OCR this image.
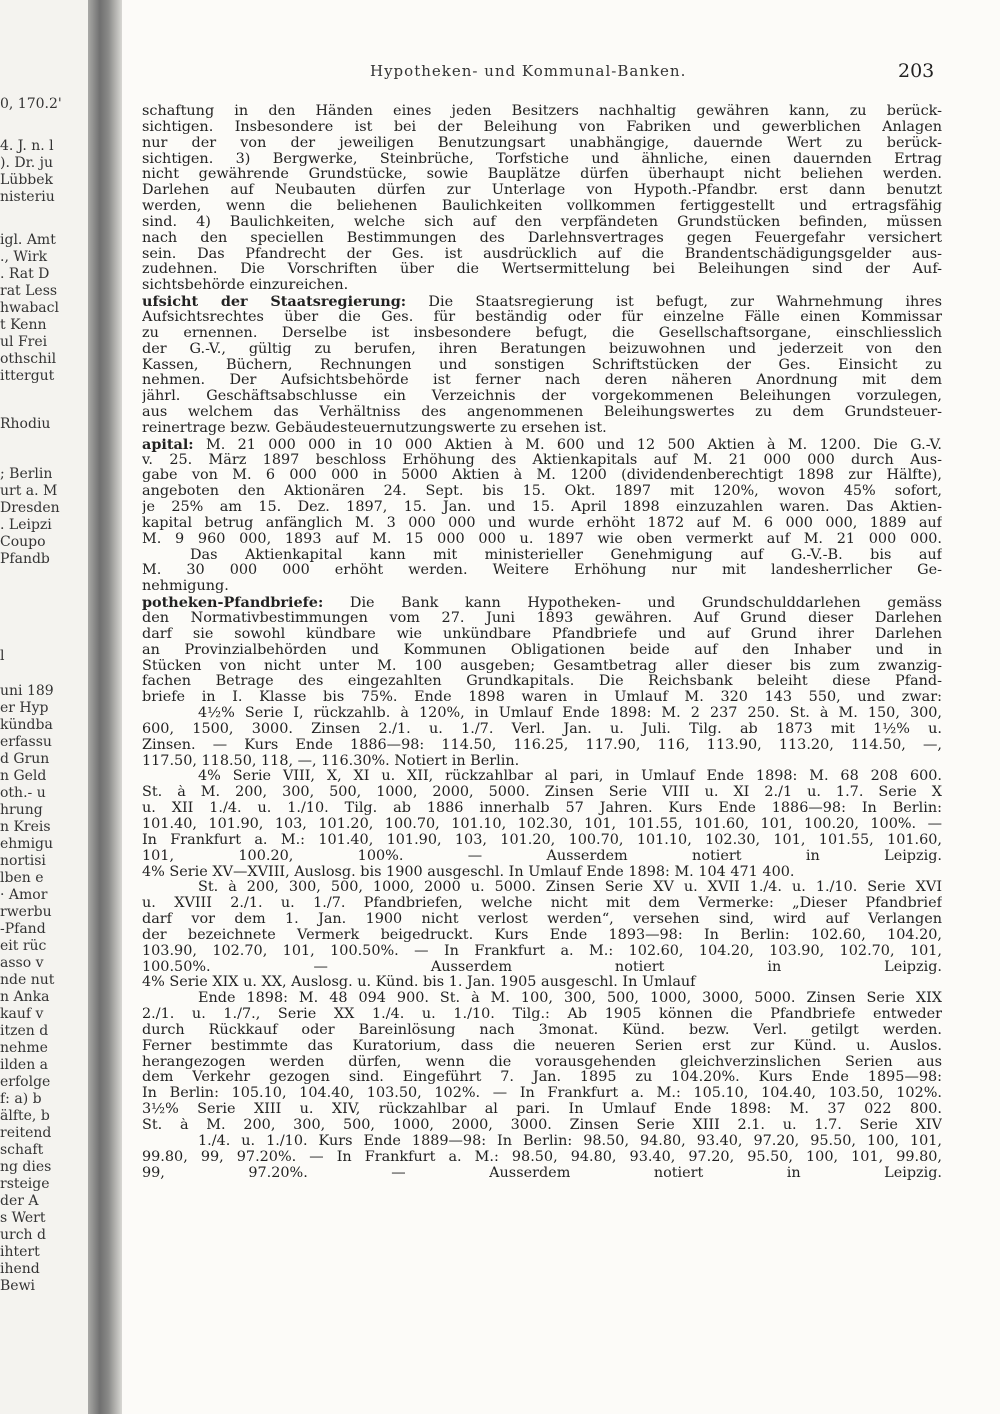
0, 170.2'
4. J. n. l
). Dr. ju
Lübbek
nisteriu
igl. Amt
., Wirk
. Rat D
rat Less
hwabacl
t Kenn
ul Frei
othschil
ittergut
Rhodiu
; Berlin
urt a. M
Dresden
. Leipzi
Coupo
Pfandb
l
uni 189
er Hyp
kündba
erfassu
d Grun
n Geld
oth.- u
hrung
n Kreis
ehmigu
nortisi
lben e
· Amor
rwerbu
-Pfand
eit rüc
asso v
nde nut
n Anka
kauf v
itzen d
nehme
ilden a
erfolge
f: a) b
älfte, b
reitend
schaft
ng dies
rsteige
der A
s Wert
urch d
ihtert
ihend
Bewi
Hypotheken- und Kommunal-Banken.	203
schaftung in den Händen eines jeden Besitzers nachhaltig gewähren kann, zu berück-
sichtigen. Insbesondere ist bei der Beleihung von Fabriken und gewerblichen Anlagen
nur der von der jeweiligen Benutzungsart unabhängige, dauernde Wert zu berück-
sichtigen. 3) Bergwerke, Steinbrüche, Torfstiche und ähnliche, einen dauernden Ertrag
nicht gewährende Grundstücke, sowie Bauplätze dürfen überhaupt nicht beliehen werden.
Darlehen auf Neubauten dürfen zur Unterlage von Hypoth.-Pfandbr. erst dann benutzt
werden, wenn die beliehenen Baulichkeiten vollkommen fertiggestellt und ertragsfähig
sind. 4) Baulichkeiten, welche sich auf den verpfändeten Grundstücken befinden, müssen
nach den speciellen Bestimmungen des Darlehnsvertrages gegen Feuergefahr versichert
sein. Das Pfandrecht der Ges. ist ausdrücklich auf die Brandentschädigungsgelder aus-
zudehnen. Die Vorschriften über die Wertsermittelung bei Beleihungen sind der Auf-
sichtsbehörde einzureichen.
ufsicht der Staatsregierung: Die Staatsregierung ist befugt, zur Wahrnehmung ihres
Aufsichtsrechtes über die Ges. für beständig oder für einzelne Fälle einen Kommissar
zu ernennen. Derselbe ist insbesondere befugt, die Gesellschaftsorgane, einschliesslich
der G.-V., gültig zu berufen, ihren Beratungen beizuwohnen und jederzeit von den
Kassen, Büchern, Rechnungen und sonstigen Schriftstücken der Ges. Einsicht zu
nehmen. Der Aufsichtsbehörde ist ferner nach deren näheren Anordnung mit dem
jährl. Geschäftsabschlusse ein Verzeichnis der vorgekommenen Beleihungen vorzulegen,
aus welchem das Verhältniss des angenommenen Beleihungswertes zu dem Grundsteuer-
reinertrage bezw. Gebäudesteuernutzungswerte zu ersehen ist.
apital: M. 21 000 000 in 10 000 Aktien à M. 600 und 12 500 Aktien à M. 1200. Die G.-V.
v. 25. März 1897 beschloss Erhöhung des Aktienkapitals auf M. 21 000 000 durch Aus-
gabe von M. 6 000 000 in 5000 Aktien à M. 1200 (dividendenberechtigt 1898 zur Hälfte),
angeboten den Aktionären 24. Sept. bis 15. Okt. 1897 mit 120%, wovon 45% sofort,
je 25% am 15. Dez. 1897, 15. Jan. und 15. April 1898 einzuzahlen waren. Das Aktien-
kapital betrug anfänglich M. 3 000 000 und wurde erhöht 1872 auf M. 6 000 000, 1889 auf
M. 9 960 000, 1893 auf M. 15 000 000 u. 1897 wie oben vermerkt auf M. 21 000 000.
Das Aktienkapital kann mit ministerieller Genehmigung auf G.-V.-B. bis auf
M. 30 000 000 erhöht werden. Weitere Erhöhung nur mit landesherrlicher Ge-
nehmigung.
potheken-Pfandbriefe: Die Bank kann Hypotheken- und Grundschulddarlehen gemäss
den Normativbestimmungen vom 27. Juni 1893 gewähren. Auf Grund dieser Darlehen
darf sie sowohl kündbare wie unkündbare Pfandbriefe und auf Grund ihrer Darlehen
an Provinzialbehörden und Kommunen Obligationen beide auf den Inhaber und in
Stücken von nicht unter M. 100 ausgeben; Gesamtbetrag aller dieser bis zum zwanzig-
fachen Betrage des eingezahlten Grundkapitals. Die Reichsbank beleiht diese Pfand-
briefe in I. Klasse bis 75%. Ende 1898 waren in Umlauf M. 320 143 550, und zwar:
4½% Serie I, rückzahlb. à 120%, in Umlauf Ende 1898: M. 2 237 250. St. à M. 150, 300,
600, 1500, 3000. Zinsen 2./1. u. 1./7. Verl. Jan. u. Juli. Tilg. ab 1873 mit 1½% u.
Zinsen. — Kurs Ende 1886—98: 114.50, 116.25, 117.90, 116, 113.90, 113.20, 114.50, —,
117.50, 118.50, 118, —, 116.30%. Notiert in Berlin.
4% Serie VIII, X, XI u. XII, rückzahlbar al pari, in Umlauf Ende 1898: M. 68 208 600.
St. à M. 200, 300, 500, 1000, 2000, 5000. Zinsen Serie VIII u. XI 2./1 u. 1.7. Serie X
u. XII 1./4. u. 1./10. Tilg. ab 1886 innerhalb 57 Jahren. Kurs Ende 1886—98: In Berlin:
101.40, 101.90, 103, 101.20, 100.70, 101.10, 102.30, 101, 101.55, 101.60, 101, 100.20, 100%. —
In Frankfurt a. M.: 101.40, 101.90, 103, 101.20, 100.70, 101.10, 102.30, 101, 101.55, 101.60,
101, 100.20, 100%. — Ausserdem notiert in Leipzig.
4% Serie XV—XVIII, Auslosg. bis 1900 ausgeschl. In Umlauf Ende 1898: M. 104 471 400.
St. à 200, 300, 500, 1000, 2000 u. 5000. Zinsen Serie XV u. XVII 1./4. u. 1./10. Serie XVI
u. XVIII 2./1. u. 1./7. Pfandbriefen, welche nicht mit dem Vermerke: „Dieser Pfandbrief
darf vor dem 1. Jan. 1900 nicht verlost werden“, versehen sind, wird auf Verlangen
der bezeichnete Vermerk beigedruckt. Kurs Ende 1893—98: In Berlin: 102.60, 104.20,
103.90, 102.70, 101, 100.50%. — In Frankfurt a. M.: 102.60, 104.20, 103.90, 102.70, 101,
100.50%. — Ausserdem notiert in Leipzig.
4% Serie XIX u. XX, Auslosg. u. Künd. bis 1. Jan. 1905 ausgeschl. In Umlauf
Ende 1898: M. 48 094 900. St. à M. 100, 300, 500, 1000, 3000, 5000. Zinsen Serie XIX
2./1. u. 1./7., Serie XX 1./4. u. 1./10. Tilg.: Ab 1905 können die Pfandbriefe entweder
durch Rückkauf oder Bareinlösung nach 3monat. Künd. bezw. Verl. getilgt werden.
Ferner bestimmte das Kuratorium, dass die neueren Serien erst zur Künd. u. Auslos.
herangezogen werden dürfen, wenn die vorausgehenden gleichverzinslichen Serien aus
dem Verkehr gezogen sind. Eingeführt 7. Jan. 1895 zu 104.20%. Kurs Ende 1895—98:
In Berlin: 105.10, 104.40, 103.50, 102%. — In Frankfurt a. M.: 105.10, 104.40, 103.50, 102%.
3½% Serie XIII u. XIV, rückzahlbar al pari. In Umlauf Ende 1898: M. 37 022 800.
St. à M. 200, 300, 500, 1000, 2000, 3000. Zinsen Serie XIII 2.1. u. 1.7. Serie XIV
1./4. u. 1./10. Kurs Ende 1889—98: In Berlin: 98.50, 94.80, 93.40, 97.20, 95.50, 100, 101,
99.80, 99, 97.20%. — In Frankfurt a. M.: 98.50, 94.80, 93.40, 97.20, 95.50, 100, 101, 99.80,
99, 97.20%. — Ausserdem notiert in Leipzig.
